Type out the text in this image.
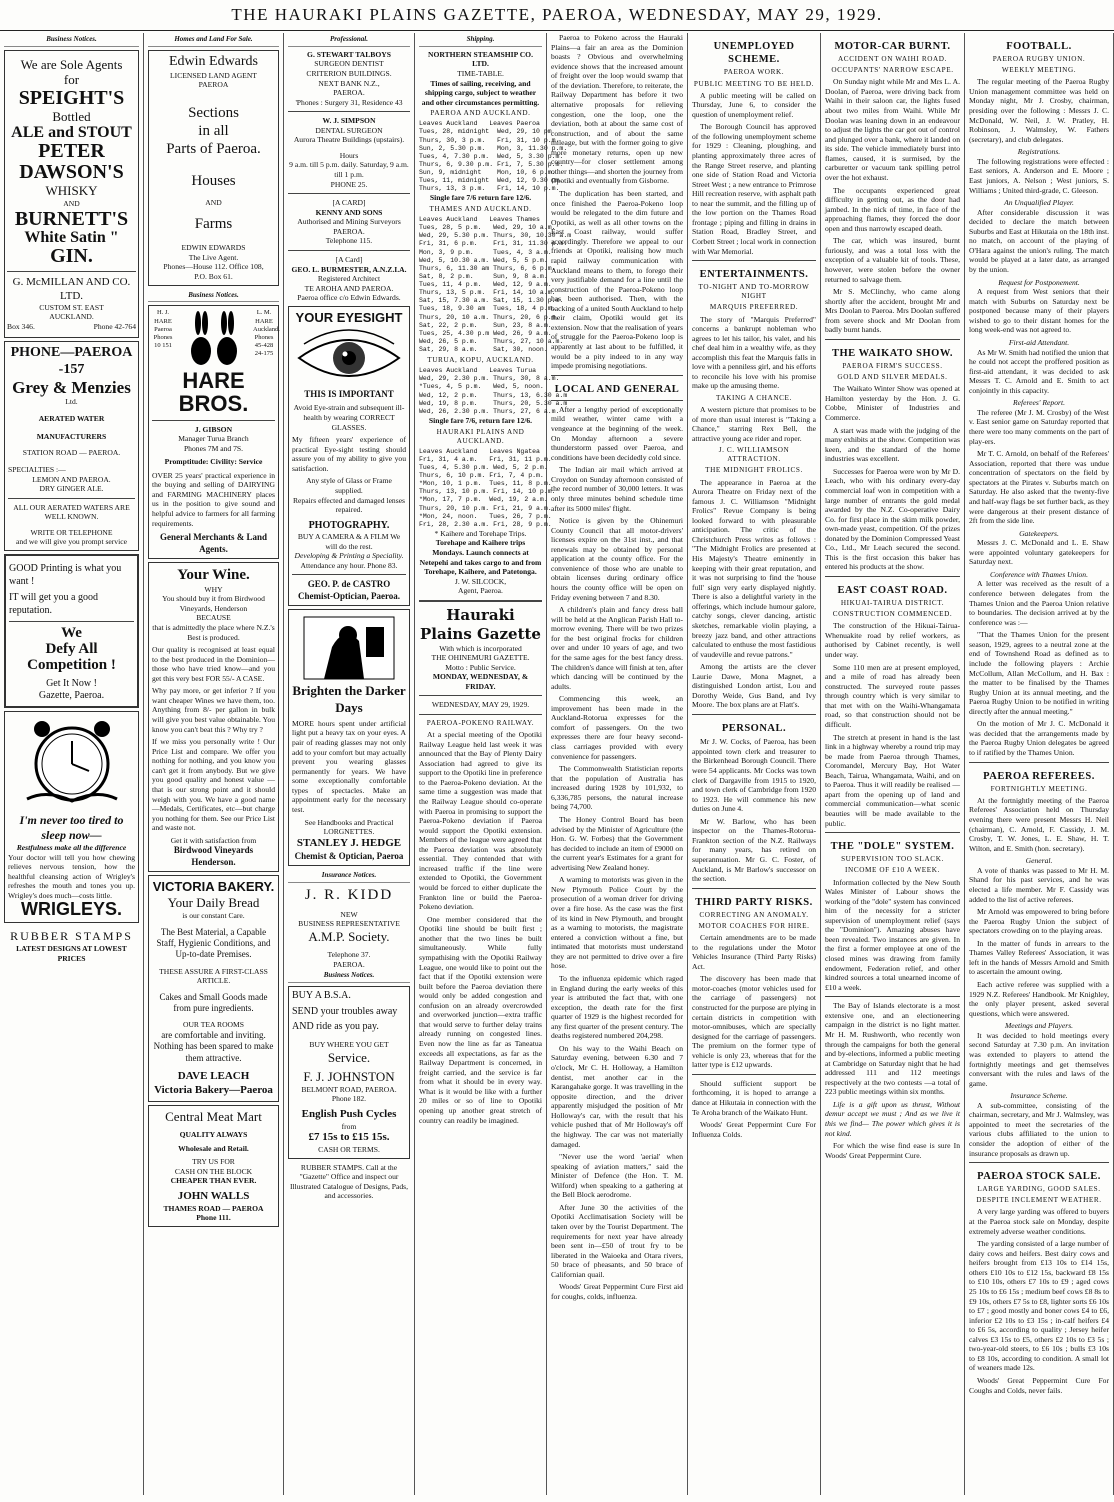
THE HAURAKI PLAINS GAZETTE, PAEROA, WEDNESDAY, MAY 29, 1929.
Business Notices.
We are Sole Agents
for
SPEIGHT'S
Bottled
ALE and STOUT
PETER
DAWSON'S
WHISKY
AND
BURNETT'S
White Satin "
GIN.
G. McMILLAN AND CO. LTD.
CUSTOM ST. EAST
AUCKLAND.
Box 346.	Phone 42-764
PHONE—PAEROA -157
Grey & Menzies
Ltd.
AERATED WATER
MANUFACTURERS
STATION ROAD — PAEROA.
SPECIALTIES :—
LEMON AND PAEROA.
DRY GINGER ALE.
ALL OUR AERATED WATERS ARE WELL KNOWN.
WRITE OR TELEPHONE
and we will give you prompt service
GOOD Printing is what you want !
IT will get you a good reputation.
We
Defy All
Competition !
Get It Now !
Gazette, Paeroa.
I'm never too tired to sleep now—
Restfulness make all the difference
Your doctor will tell you how chewing relieves nervous tension, how the healthful cleansing action of Wrigley's refreshes the mouth and tones you up. Wrigley's does much—costs little.
WRIGLEYS.
RUBBER STAMPS
LATEST DESIGNS AT LOWEST PRICES
Homes and Land For Sale.
Edwin Edwards
LICENSED LAND AGENT
PAEROA
Sections
in all
Parts of Paeroa.
Houses
AND
Farms
EDWIN EDWARDS
The Live Agent.
Phones—House 112. Office 108,
P.O. Box 61.
Business Notices.
H. J. HARE Paeroa Phones 10 151
L. M. HARE Auckland. Phones 45-428 24-175
HARE BROS.
J. GIBSON
Manager Turua Branch
Phones 7M and 7S.
Promptitude: Civility: Service
OVER 25 years' practical experience in the buying and selling of DAIRYING and FARMING MACHINERY places us in the position to give sound and helpful advice to farmers for all farming requirements.
General Merchants & Land Agents.
Your Wine.
WHY
You should buy it from Birdwood Vineyards, Henderson
BECAUSE
that is admittedly the place where N.Z.'s Best is produced.
Our quality is recognised at least equal to the best produced in the Dominion—those who have tried know—and you get this very best FOR 55/- A CASE.
Why pay more, or get inferior ? If you want cheaper Wines we have them, too. Anything from 8/- per gallon in bulk will give you best value obtainable. You know you can't beat this ? Why try ?
If we miss you personally write ! Our Price List and compare. We offer you nothing for nothing, and you know you can't get it from anybody. But we give you good quality and honest value — that is our strong point and it should weigh with you. We have a good name—Medals, Certificates, etc—but charge you nothing for them. See our Price List and waste not.
Get it with satisfaction from
Birdwood Vineyards Henderson.
VICTORIA BAKERY.
Your Daily Bread
is our constant Care.
The Best Material, a Capable Staff, Hygienic Conditions, and Up-to-date Premises.
THESE ASSURE A FIRST-CLASS ARTICLE.
Cakes and Small Goods made from pure ingredients.
OUR TEA ROOMS
are comfortable and inviting. Nothing has been spared to make them attractive.
DAVE LEACH
Victoria Bakery—Paeroa
Central Meat Mart
QUALITY ALWAYS
Wholesale and Retail.
TRY US FOR
CASH ON THE BLOCK
CHEAPER THAN EVER.
JOHN WALLS
THAMES ROAD — PAEROA
Phone 111.
Professional.
G. STEWART TALBOYS
SURGEON DENTIST
CRITERION BUILDINGS.
NEXT BANK N.Z.,
PAEROA.
'Phones : Surgery 31, Residence 43
W. J. SIMPSON
DENTAL SURGEON
Aurora Theatre Buildings (upstairs).
Hours
9 a.m. till 5 p.m. daily. Saturday, 9 a.m. till 1 p.m.
PHONE 25.
[A CARD]
KENNY AND SONS
Authorised and Mining Surveyors PAEROA.
Telephone 115.
[A Card]
GEO. L. BURMESTER, A.N.Z.I.A.
Registered Architect
TE AROHA AND PAEROA.
Paeroa office c/o Edwin Edwards.
YOUR EYESIGHT
THIS IS IMPORTANT
Avoid Eye-strain and subsequent ill-health by wearing CORRECT GLASSES.
My fifteen years' experience of practical Eye-sight testing should assure you of my ability to give you satisfaction.
Any style of Glass or Frame supplied.
Repairs effected and damaged lenses repaired.
PHOTOGRAPHY.
BUY A CAMERA & A FILM We will do the rest.
Developing & Printing a Speciality.
Attendance any hour. Phone 83.
GEO. P. de CASTRO
Chemist-Optician, Paeroa.
Brighten the Darker Days
MORE hours spent under artificial light put a heavy tax on your eyes. A pair of reading glasses may not only add to your comfort but may actually prevent you wearing glasses permanently for years. We have some exceptionally comfortable types of spectacles. Make an appointment early for the necessary test.
See Handbooks and Practical LORGNETTES.
STANLEY J. HEDGE
Chemist & Optician, Paeroa
Insurance Notices.
J. R. KIDD
NEW
BUSINESS REPRESENTATIVE
A.M.P. Society.
Telephone 37.
PAEROA.
Business Notices.
BUY A B.S.A.
SEND your troubles away
AND ride as you pay.
BUY WHERE YOU GET
Service.
F. J. JOHNSTON
BELMONT ROAD, PAEROA.
Phone 182.
English Push Cycles
from
£7 15s to £15 15s.
CASH OR TERMS.
RUBBER STAMPS. Call at the "Gazette" Office and inspect our Illustrated Catalogue of Designs, Pads, and accessories.
Shipping.
NORTHERN STEAMSHIP CO. LTD.
TIME-TABLE.
Times of sailing, receiving, and shipping cargo, subject to weather and other circumstances permitting.
PAEROA AND AUCKLAND.
Leaves Auckland   Leaves Paeroa
Tues, 28, midnight  Wed, 29, 10 pm
Thurs, 30, 3 p.m.   Fri, 31, 10 p.m.
Sun, 2, 5.30 p.m.   Mon, 3, 11.30 p.m.
Tues, 4, 7.30 p.m.  Wed, 5, 3.30 p.m.
Thurs, 6, 9.30 p.m. Fri, 7, 5.30 p.m.
Sun, 9, midnight    Mon, 10, 6 p.m.
Tues, 11, midnight  Wed, 12, 9.30 pm.
Thurs, 13, 3 p.m.   Fri, 14, 10 p.m.
Single fare 7/6 return fare 12/6.
THAMES AND AUCKLAND.
Leaves Auckland   Leaves Thames
Tues, 28, 5 p.m.   Wed, 29, 10 a.m.
Wed, 29, 5.30 p.m. Thurs, 30, 10.30 a.m
Fri, 31, 6 p.m.    Fri, 31, 11.30 p.m.
Mon, 3, 9 p.m.     Tues, 4, 3 a.m.
Wed, 5, 10.30 a.m. Wed, 5, 5 p.m.
Thurs, 6, 11.30 am Thurs, 6, 6 p.m.
Sat, 8, 2 p.m.     Sun, 9, 8 a.m.
Tues, 11, 4 p.m.   Wed, 12, 9 a.m.
Thurs, 13, 5 p.m.  Fri, 14, 10 a.m.
Sat, 15, 7.30 a.m. Sat, 15, 1.30 p.m.
Tues, 18, 9.30 am  Tues, 18, 4 p.m.
Thurs, 20, 10 a.m. Thurs, 20, 6 p.m.
Sat, 22, 2 p.m.    Sun, 23, 8 a.m.
Tues, 25, 4.30 p.m Wed, 26, 9 a.m.
Wed, 26, 5 p.m.    Thurs, 27, 10 a.m.
Sat, 29, 8 a.m.    Sat, 30, noon.
TURUA, KOPU, AUCKLAND.
Leaves Auckland   Leaves Turua
Wed, 29, 2.30 p.m. Thurs, 30, 8 a.m.
*Tues, 4, 5 p.m.   Wed, 5, noon.
Wed, 12, 2 p.m.    Thurs, 13, 6.30 a.m
Wed, 19, 8 p.m.    Thurs, 20, 5.30 a.m
Wed, 26, 2.30 p.m. Thurs, 27, 6 a.m.
Single fare 7/6, return fare 12/6.
HAURAKI PLAINS AND AUCKLAND.
Leaves Auckland   Leaves Ngatea
Fri, 31, 4 a.m.   Fri, 31, 11 p.m.
Tues, 4, 5.30 p.m. Wed, 5, 2 p.m.
Thurs, 6, 10 p.m. Fri, 7, 4 p.m.
*Mon, 10, 1 p.m.  Tues, 11, 8 p.m.
Thurs, 13, 10 p.m. Fri, 14, 10 p.m.
*Mon, 17, 7 p.m.  Wed, 19, 2 a.m.
Thurs, 20, 10 p.m. Fri, 21, 9 a.m.
*Mon, 24, noon.   Tues, 26, 7 p.m.
Fri, 28, 2.30 a.m. Fri, 28, 9 p.m.
* Kaihere and Torehape Trips.
Torehape and Kaihere trips Mondays. Launch connects at Netepehi and takes cargo to and from Torehape, Kaihere, and Patetonga.
J. W. SILCOCK,
Agent, Paeroa.
Hauraki Plains Gazette
With which is incorporated
THE OHINEMURI GAZETTE.
Motto : Public Service.
MONDAY, WEDNESDAY, & FRIDAY.
WEDNESDAY, MAY 29, 1929.
PAEROA-POKENO RAILWAY.

At a special meeting of the Opotiki Railway League held last week it was announced that the Bay of Plenty Dairy Association had agreed to give its support to the Opotiki line in preference to the Paeroa-Pokeno deviation. At the same time a suggestion was made that the Railway League should co-operate with Paeroa in promising to support the Paeroa-Pokeno deviation if Paeroa would support the Opotiki extension. Members of the league were agreed that the Paeroa deviation was absolutely essential. They contended that with increased traffic if the line were extended to Opotiki, the Government would be forced to either duplicate the Frankton line or build the Paeroa-Pokeno deviation.

One member considered that the Opotiki line should be built first ; another that the two lines be built simultaneously. While fully sympathising with the Opotiki Railway League, one would like to point out the fact that if the Opotiki extension were built before the Paeroa deviation there would only be added congestion and confusion on an already overcrowded and overworked junction—extra traffic that would serve to further delay trains already running on congested lines. Even now the line as far as Taneatua exceeds all expectations, as far as the Railway Department is concerned, in freight carried, and the service is far from what it should be in every way. What is it would be like with a further 20 miles or so of line to Opotiki opening up another great stretch of country can readily be imagined.

Paeroa to Pokeno across the Hauraki Plains—a fair an area as the Dominion boasts ? Obvious and overwhelming evidence shows that the increased amount of freight over the loop would swamp that of the deviation. Therefore, to reiterate, the Railway Department has before it two alternative proposals for relieving congestion, one the loop, one the deviation, both at about the same cost of construction, and of about the same mileage, but with the former going to give more monetary returns, open up new country—for closer settlement among other things—and shorten the journey from Opotiki and eventually from Gisborne.

The duplication has been started, and once finished the Paeroa-Pokeno loop would be relegated to the dim future and Opotiki, as well as all other towns on the East Coast railway, would suffer accordingly. Therefore we appeal to our friends at Opotiki, realising how much rapid railway communication with Auckland means to them, to forego their very justifiable demand for a line until the construction of the Paeroa-Pokeno loop has been authorised. Then, with the backing of a united South Auckland to help their claim, Opotiki would get its extension. Now that the realisation of years of struggle for the Paeroa-Pokeno loop is apparently at last about to be fulfilled, it would be a pity indeed to in any way impede promising negotiations.

LOCAL AND GENERAL

After a lengthy period of exceptionally mild weather, winter came with a vengeance at the beginning of the week. On Monday afternoon a severe thunderstorm passed over Paeroa, and conditions have been decidedly cold since.

The Indian air mail which arrived at Croydon on Sunday afternoon consisted of the record number of 30,000 letters. It was only three minutes behind schedule time after its 5000 miles' flight.

Notice is given by the Ohinemuri County Council that all motor-drivers' licenses expire on the 31st inst., and that renewals may be obtained by personal application at the county office. For the convenience of those who are unable to obtain licenses during ordinary office hours the county office will be open on Friday evening between 7 and 8.30.

A children's plain and fancy dress ball will be held at the Anglican Parish Hall to-morrow evening. There will be two prizes for the best original frocks for children over and under 10 years of age, and two for the same ages for the best fancy dress. The children's dance will finish at ten, after which dancing will be continued by the adults.

Commencing this week, an improvement has been made in the Auckland-Rotorua expresses for the comfort of passengers. On the two expresses there are four heavy second-class carriages provided with every convenience for passengers.

The Commonwealth Statistician reports that the population of Australia has increased during 1928 by 101,932, to 6,336,785 persons, the natural increase being 74,700.

The Honey Control Board has been advised by the Minister of Agriculture (the Hon. G. W. Forbes) that the Government has decided to include an item of £9000 on the current year's Estimates for a grant for advertising New Zealand honey.

A warning to motorists was given in the New Plymouth Police Court by the prosecution of a woman driver for driving over a fire hose. As the case was the first of its kind in New Plymouth, and brought as a warning to motorists, the magistrate entered a conviction without a fine, but intimated that motorists must understand they are not permitted to drive over a fire hose.

To the influenza epidemic which raged in England during the early weeks of this year is attributed the fact that, with one exception, the death rate for the first quarter of 1929 is the highest recorded for any first quarter of the present century. The deaths registered numbered 204,298.

On his way to the Waihi Beach on Saturday evening, between 6.30 and 7 o'clock, Mr C. H. Holloway, a Hamilton dentist, met another car in the Karangahake gorge. It was travelling in the opposite direction, and the driver apparently misjudged the position of Mr Holloway's car, with the result that his vehicle pushed that of Mr Holloway's off the highway. The car was not materially damaged.

"Never use the word 'aerial' when speaking of aviation matters," said the Minister of Defence (the Hon. T. M. Wilford) when speaking to a gathering at the Bell Block aerodrome.

After June 30 the activities of the Opotiki Acclimatisation Society will be taken over by the Tourist Department. The requirements for next year have already been sent in—£50 of trout fry to be liberated in the Waioeka and Otara rivers, 50 brace of pheasants, and 50 brace of Californian quail.

Woods' Great Peppermint Cure First aid for coughs, colds, influenza.

UNEMPLOYED SCHEME.
PAEROA WORK.
PUBLIC MEETING TO BE HELD.

A public meeting will be called on Thursday, June 6, to consider the question of unemployment relief.

The Borough Council has approved of the following unemployment scheme for 1929 : Cleaning, ploughing, and planting approximately three acres of the Range Street reserve, and planting one side of Station Road and Victoria Street West ; a new entrance to Primrose Hill recreation reserve, with asphalt path to near the summit, and the filling up of the low portion on the Thames Road frontage ; piping and filling in drains in Station Road, Bradley Street, and Corbett Street ; local work in connection with War Memorial.

ENTERTAINMENTS.
TO-NIGHT AND TO-MORROW NIGHT
MARQUIS PREFERRED.

The story of "Marquis Preferred" concerns a bankrupt nobleman who agrees to let his tailor, his valet, and his chef deal him in a wealthy wife, as they accomplish this feat the Marquis falls in love with a penniless girl, and his efforts to reconcile his love with his promise make up the amusing theme.

TAKING A CHANCE.

A western picture that promises to be of more than usual interest is "Taking a Chance," starring Rex Bell, the attractive young ace rider and roper.

J. C. WILLIAMSON ATTRACTION.
THE MIDNIGHT FROLICS.

The appearance in Paeroa at the Aurora Theatre on Friday next of the famous J. C. Williamson "Midnight Frolics" Revue Company is being looked forward to with pleasurable anticipation. The critic of the Christchurch Press writes as follows : "The Midnight Frolics are presented at His Majesty's Theatre eminently in keeping with their great reputation, and it was not surprising to find the 'house full' sign very early displayed nightly. There is also a delightful variety in the offerings, which include humour galore, catchy songs, clever dancing, artistic sketches, remarkable violin playing, a breezy jazz band, and other attractions calculated to enthuse the most fastidious of vaudeville and revue patrons."

Among the artists are the clever Laurie Dawe, Mona Magnet, a distinguished London artist, Lou and Dorothy Weide, Gus Band, and Ivy Moore. The box plans are at Flatt's.

PERSONAL.

Mr J. W. Cocks, of Paeroa, has been appointed town clerk and treasurer to the Birkenhead Borough Council. There were 54 applicants. Mr Cocks was town clerk of Dargaville from 1915 to 1920, and town clerk of Cambridge from 1920 to 1923. He will commence his new duties on June 4.

Mr W. Barlow, who has been inspector on the Thames-Rotorua-Frankton section of the N.Z. Railways for many years, has retired on superannuation. Mr G. C. Foster, of Auckland, is Mr Barlow's successor on the section.

THIRD PARTY RISKS.
CORRECTING AN ANOMALY.
MOTOR COACHES FOR HIRE.

Certain amendments are to be made to the regulations under the Motor Vehicles Insurance (Third Party Risks) Act.

The discovery has been made that motor-coaches (motor vehicles used for the carriage of passengers) not constructed for the purpose are plying in certain districts in competition with motor-omnibuses, which are specially designed for the carriage of passengers. The premium on the former type of vehicle is only 23, whereas that for the latter type is £12 upwards.

Should sufficient support be forthcoming, it is hoped to arrange a dance at Hikutaia in connection with the Te Aroha branch of the Waikato Hunt.

Woods' Great Peppermint Cure For Influenza Colds.

MOTOR-CAR BURNT.
ACCIDENT ON WAIHI ROAD.
OCCUPANTS' NARROW ESCAPE.

On Sunday night while Mr and Mrs L. A. Doolan, of Paeroa, were driving back from Waihi in their saloon car, the lights fused about two miles from Waihi. While Mr Doolan was leaning down in an endeavour to adjust the lights the car got out of control and plunged over a bank, where it landed on its side. The vehicle immediately burst into flames, caused, it is surmised, by the carburetter or vacuum tank spilling petrol over the hot exhaust.

The occupants experienced great difficulty in getting out, as the door had jambed. In the nick of time, in face of the approaching flames, they forced the door open and thus narrowly escaped death.

The car, which was insured, burnt furiously, and was a total loss with the exception of a valuable kit of tools. These, however, were stolen before the owner returned to salvage them.

Mr S. McClinchy, who came along shortly after the accident, brought Mr and Mrs Doolan to Paeroa. Mrs Doolan suffered from severe shock and Mr Doolan from badly burnt hands.

THE WAIKATO SHOW.
PAEROA FIRM'S SUCCESS.
GOLD AND SILVER MEDALS.

The Waikato Winter Show was opened at Hamilton yesterday by the Hon. J. G. Cobbe, Minister of Industries and Commerce.

A start was made with the judging of the many exhibits at the show. Competition was keen, and the standard of the home industries was excellent.

Successes for Paeroa were won by Mr D. Leach, who with his ordinary every-day commercial loaf won in competition with a large number of entrants the gold medal awarded by the N.Z. Co-operative Dairy Co. for first place in the skim milk powder, own-made yeast, competition. Of the prizes donated by the Dominion Compressed Yeast Co., Ltd., Mr Leach secured the second. This is the first occasion this baker has entered his products at the show.

EAST COAST ROAD.
HIKUAI-TAIRUA DISTRICT.
CONSTRUCTION COMMENCED.

The construction of the Hikuai-Tairua-Whenuakite road by relief workers, as authorised by Cabinet recently, is well under way.

Some 110 men are at present employed, and a mile of road has already been constructed. The surveyed route passes through country which is very similar to that met with on the Waihi-Whangamata road, so that construction should not be difficult.

The stretch at present in hand is the last link in a highway whereby a round trip may be made from Paeroa through Thames, Coromandel, Mercury Bay, Hot Water Beach, Tairua, Whangamata, Waihi, and on to Paeroa. Thus it will readily be realised —apart from the opening up of land and commercial communication—what scenic beauties will be made available to the public.

THE "DOLE" SYSTEM.
SUPERVISION TOO SLACK.
INCOME OF £10 A WEEK.

Information collected by the New South Wales Minister of Labour shows the working of the "dole" system has convinced him of the necessity for a stricter supervision of unemployment relief (says the "Dominion"). Amazing abuses have been revealed. Two instances are given. In the first a former employee at one of the closed mines was drawing from family endowment, Federation relief, and other kindred sources a total unearned income of £10 a week.

The Bay of Islands electorate is a most extensive one, and an electioneering campaign in the district is no light matter. Mr H. M. Rushworth, who recently won through the campaigns for both the general and by-elections, informed a public meeting at Cambridge on Saturday night that he had addressed 111 and 112 meetings respectively at the two contests —a total of 223 public meetings within six months.

Life is a gift upon us thrust, Without demur accept we must ; And as we live it this we find— The power which gives it is not kind.

For which the wise find ease is sure In Woods' Great Peppermint Cure.

FOOTBALL.
PAEROA RUGBY UNION.
WEEKLY MEETING.

The regular meeting of the Paeroa Rugby Union management committee was held on Monday night, Mr J. Crosby, chairman, presiding over the following : Messrs J. C. McDonald, W. Neil, J. W. Pratley, H. Robinson, J. Walmsley, W. Fathers (secretary), and club delegates.

Registrations.

The following registrations were effected : East seniors, A. Anderson and E. Moore ; East juniors, A. Nelson ; West juniors, S. Williams ; United third-grade, C. Gleeson.

An Unqualified Player.

After considerable discussion it was decided to declare the match between Suburbs and East at Hikutaia on the 18th inst. no match, on account of the playing of O'Hara against the union's ruling. The match would be played at a later date, as arranged by the union.

Request for Postponement.

A request from West seniors that their match with Suburbs on Saturday next be postponed because many of their players wished to go to their distant homes for the long week-end was not agreed to.

First-aid Attendant.

As Mr W. Smith had notified the union that he could not accept the proffered position as first-aid attendant, it was decided to ask Messrs T. C. Arnold and E. Smith to act conjointly in this capacity.

Referees' Report.

The referee (Mr J. M. Crosby) of the West v. East senior game on Saturday reported that there were too many comments on the part of play-ers.

Mr T. C. Arnold, on behalf of the Referees' Association, reported that there was undue concentration of spectators on the field by spectators at the Pirates v. Suburbs match on Saturday. He also asked that the twenty-five and half-way flags be set further back, as they were dangerous at their present distance of 2ft from the side line.

Gatekeepers.

Messrs J. C. McDonald and L. E. Shaw were appointed voluntary gatekeepers for Saturday next.

Conference with Thames Union.

A letter was received as the result of a conference between delegates from the Thames Union and the Paeroa Union relative to boundaries. The decision arrived at by the conference was :—

"That the Thames Union for the present season, 1929, agrees to a neutral zone at the end of Townshend Road as defined as to include the following players : Archie McCollum, Allan McCollum, and H. Bax : the matter to be finalised by the Thames Rugby Union at its annual meeting, and the Paeroa Rugby Union to be notified in writing directly after the annual meeting."

On the motion of Mr J. C. McDonald it was decided that the arrangements made by the Paeroa Rugby Union delegates be agreed to if ratified by the Thames Union.

PAEROA REFEREES.
FORTNIGHTLY MEETING.

At the fortnightly meeting of the Paeroa Referees' Association held on Thursday evening there were present Messrs H. Neil (chairman), C. Arnold, F. Cassidy, J. M. Crosby, T. W. Jones, L. E. Shaw, H. T. Wilton, and E. Smith (hon. secretary).

General.

A vote of thanks was passed to Mr H. M. Shand for his past services, and he was elected a life member. Mr F. Cassidy was added to the list of active referees.

Mr Arnold was empowered to bring before the Paeroa Rugby Union the subject of spectators crowding on to the playing areas.

In the matter of funds in arrears to the Thames Valley Referees' Association, it was left in the hands of Messrs Arnold and Smith to ascertain the amount owing.

Each active referee was supplied with a 1929 N.Z. Referees' Handbook. Mr Knighley, the only player present, asked several questions, which were answered.

Meetings and Players.

It was decided to hold meetings every second Saturday at 7.30 p.m. An invitation was extended to players to attend the fortnightly meetings and get themselves conversant with the rules and laws of the game.

Insurance Scheme.

A sub-committee, consisting of the chairman, secretary, and Mr J. Walmsley, was appointed to meet the secretaries of the various clubs affiliated to the union to consider the adoption of either of the insurance proposals as drawn up.

PAEROA STOCK SALE.
LARGE YARDING, GOOD SALES.
DESPITE INCLEMENT WEATHER.

A very large yarding was offered to buyers at the Paeroa stock sale on Monday, despite extremely adverse weather conditions.

The yarding consisted of a large number of dairy cows and heifers. Best dairy cows and heifers brought from £13 10s to £14 15s, others £10 10s to £12 15s, backward £8 15s to £10 10s, others £7 10s to £9 ; aged cows 25 10s to £6 15s ; medium beef cows £8 8s to £9 10s, others £7 5s to £8, lighter sorts £6 10s to £7 ; good mostly and boner cows £4 to £6, inferior £2 10s to £3 15s ; in-calf heifers £4 to £6 5s, according to quality ; Jersey heifer calves £3 15s to £5, others £2 10s to £3 5s ; two-year-old steers, to £6 10s ; bulls £3 10s to £8 10s, according to condition. A small lot of weaners made 12s.

Woods' Great Peppermint Cure For Coughs and Colds, never fails.
